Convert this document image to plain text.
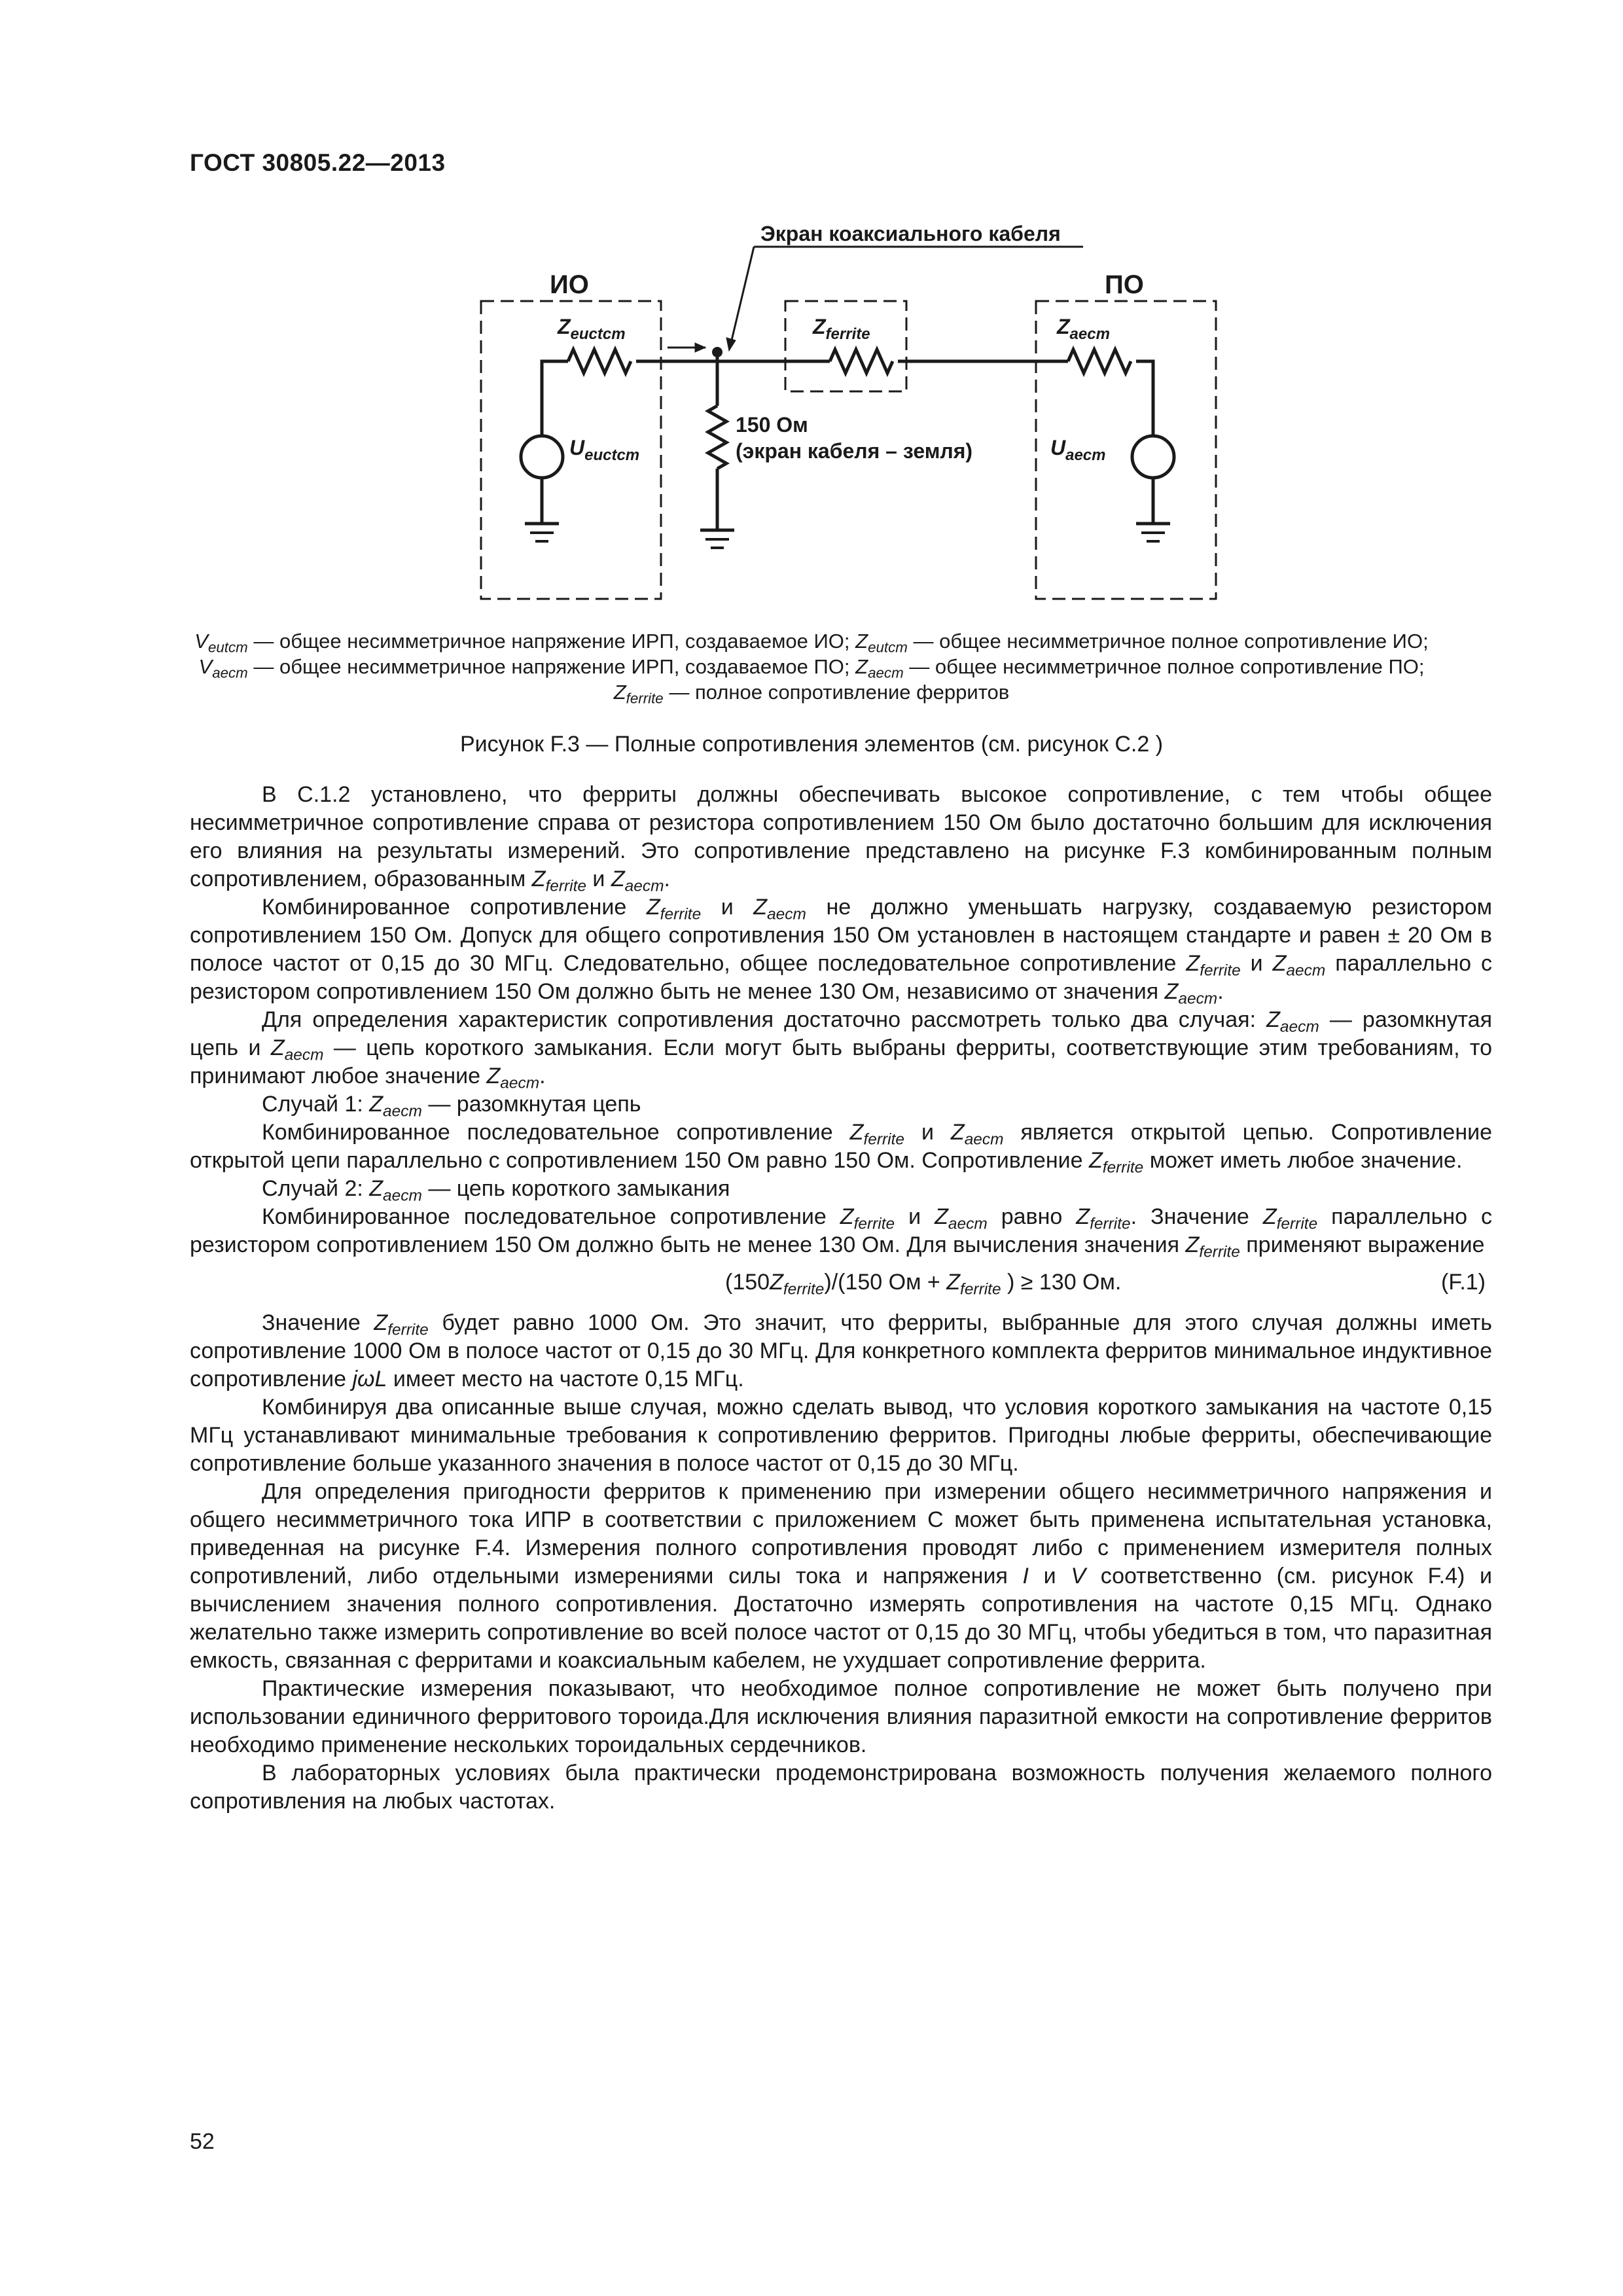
ГОСТ 30805.22—2013
Экран коаксиального кабеля
ИО	ПО
$Z_{euctcm}$	$Z_{ferrite}$	$Z_{aecm}$
$U_{euctcm}$	$U_{aecm}$
150 Ом
(экран кабеля – земля)
$V_{eutcm}$ — общее несимметричное напряжение ИРП, создаваемое ИО; $Z_{eutcm}$ — общее несимметричное полное сопротивление ИО;
$V_{aecm}$ — общее несимметричное напряжение ИРП, создаваемое ПО; $Z_{aecm}$ — общее несимметричное полное сопротивление ПО;
$Z_{ferrite}$ — полное сопротивление ферритов
Рисунок F.3 — Полные сопротивления элементов (см. рисунок C.2 )

В С.1.2 установлено, что ферриты должны обеспечивать высокое сопротивление, с тем чтобы общее несимметричное сопротивление справа от резистора сопротивлением 150 Ом было достаточно большим для исключения его влияния на результаты измерений. Это сопротивление представлено на рисунке F.3 комбинированным полным сопротивлением, образованным $Z_{ferrite}$ и $Z_{aecm}$.

Комбинированное сопротивление $Z_{ferrite}$ и $Z_{aecm}$ не должно уменьшать нагрузку, создаваемую резистором сопротивлением 150 Ом. Допуск для общего сопротивления 150 Ом установлен в настоящем стандарте и равен ± 20 Ом в полосе частот от 0,15 до 30 МГц. Следовательно, общее последовательное сопротивление $Z_{ferrite}$ и $Z_{aecm}$ параллельно с резистором сопротивлением 150 Ом должно быть не менее 130 Ом, независимо от значения $Z_{aecm}$.

Для определения характеристик сопротивления достаточно рассмотреть только два случая: $Z_{aecm}$ — разомкнутая цепь и $Z_{aecm}$ — цепь короткого замыкания. Если могут быть выбраны ферриты, соответствующие этим требованиям, то принимают любое значение $Z_{aecm}$.

Случай 1: $Z_{aecm}$ — разомкнутая цепь

Комбинированное последовательное сопротивление $Z_{ferrite}$ и $Z_{aecm}$ является открытой цепью. Сопротивление открытой цепи параллельно с сопротивлением 150 Ом равно 150 Ом. Сопротивление $Z_{ferrite}$ может иметь любое значение.

Случай 2: $Z_{aecm}$ — цепь короткого замыкания

Комбинированное последовательное сопротивление $Z_{ferrite}$ и $Z_{aecm}$ равно $Z_{ferrite}$. Значение $Z_{ferrite}$ параллельно с резистором сопротивлением 150 Ом должно быть не менее 130 Ом. Для вычисления значения $Z_{ferrite}$ применяют выражение

$(150Z_{ferrite})/(150$ Ом + $Z_{ferrite}$ ) ≥ 130 Ом.	(F.1)

Значение $Z_{ferrite}$ будет равно 1000 Ом. Это значит, что ферриты, выбранные для этого случая должны иметь сопротивление 1000 Ом в полосе частот от 0,15 до 30 МГц. Для конкретного комплекта ферритов минимальное индуктивное сопротивление jωL имеет место на частоте 0,15 МГц.

Комбинируя два описанные выше случая, можно сделать вывод, что условия короткого замыкания на частоте 0,15 МГц устанавливают минимальные требования к сопротивлению ферритов. Пригодны любые ферриты, обеспечивающие сопротивление больше указанного значения в полосе частот от 0,15 до 30 МГц.

Для определения пригодности ферритов к применению при измерении общего несимметричного напряжения и общего несимметричного тока ИПР в соответствии с приложением С может быть применена испытательная установка, приведенная на рисунке F.4. Измерения полного сопротивления проводят либо с применением измерителя полных сопротивлений, либо отдельными измерениями силы тока и напряжения I и V соответственно (см. рисунок F.4) и вычислением значения полного сопротивления. Достаточно измерять сопротивления на частоте 0,15 МГц. Однако желательно также измерить сопротивление во всей полосе частот от 0,15 до 30 МГц, чтобы убедиться в том, что паразитная емкость, связанная с ферритами и коаксиальным кабелем, не ухудшает сопротивление феррита.

Практические измерения показывают, что необходимое полное сопротивление не может быть получено при использовании единичного ферритового тороида.Для исключения влияния паразитной емкости на сопротивление ферритов необходимо применение нескольких тороидальных сердечников.

В лабораторных условиях была практически продемонстрирована возможность получения желаемого полного сопротивления на любых частотах.

52
